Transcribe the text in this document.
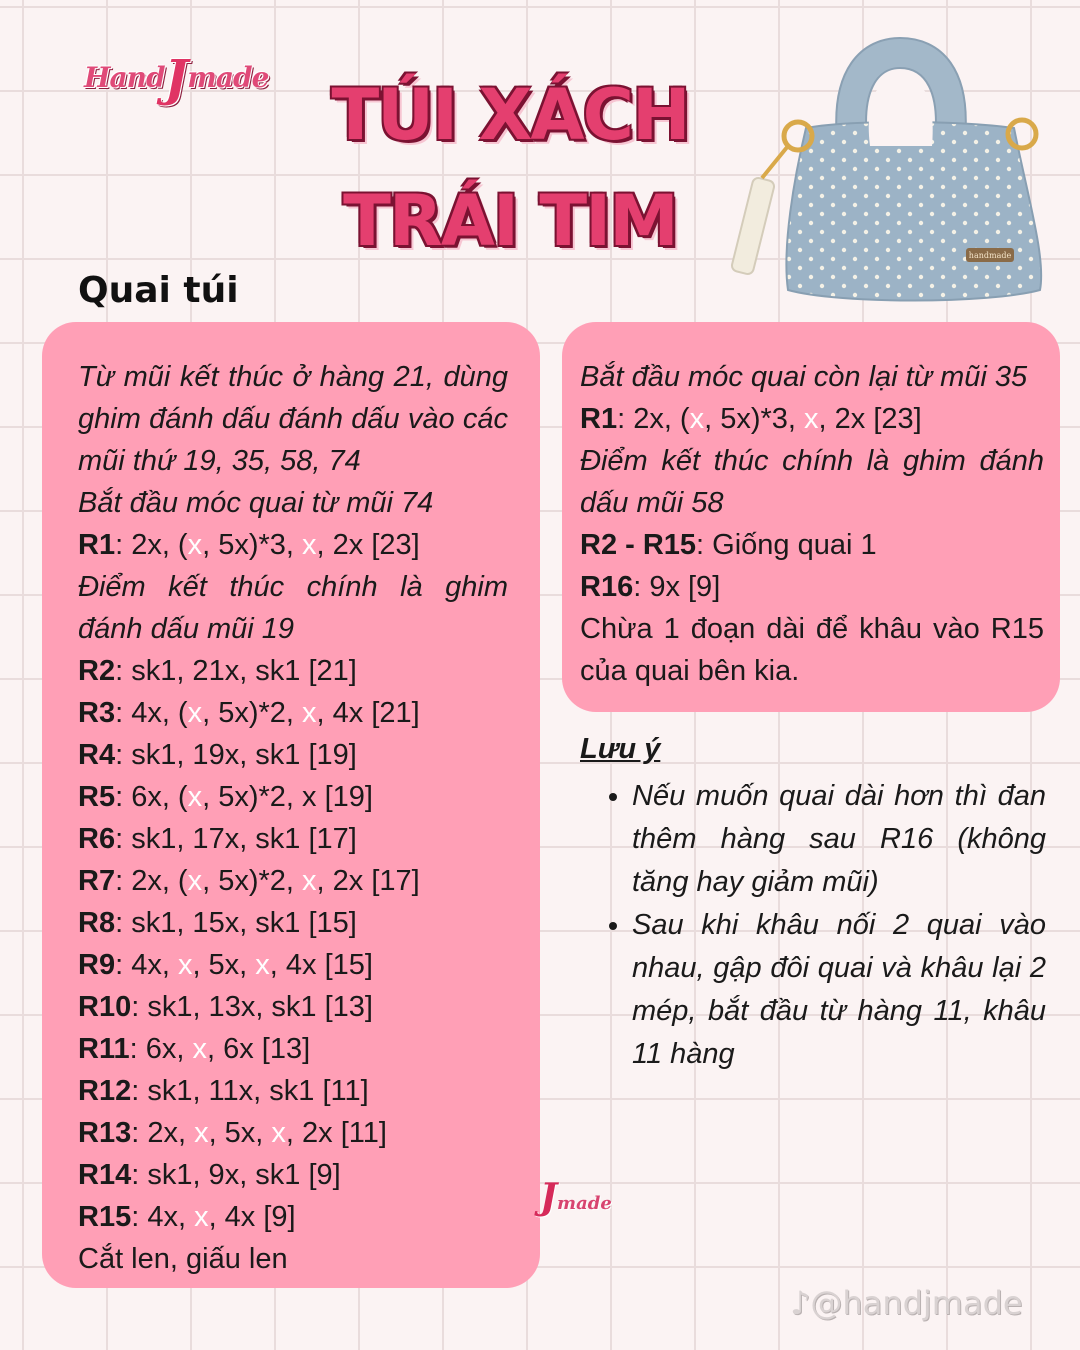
HandJmade TÚI XÁCH
TRÁI TIM	handmade
Quai túi
Từ mũi kết thúc ở hàng 21, dùng ghim đánh dấu đánh dấu vào các mũi thứ 19, 35, 58, 74
Bắt đầu móc quai từ mũi 74
R1: 2x, (x, 5x)*3, x, 2x [23]
Điểm kết thúc chính là ghim đánh dấu mũi 19
R2: sk1, 21x, sk1 [21]
R3: 4x, (x, 5x)*2, x, 4x [21]
R4: sk1, 19x, sk1 [19]
R5: 6x, (x, 5x)*2, x [19]
R6: sk1, 17x, sk1 [17]
R7: 2x, (x, 5x)*2, x, 2x [17]
R8: sk1, 15x, sk1 [15]
R9: 4x, x, 5x, x, 4x [15]
R10: sk1, 13x, sk1 [13]
R11: 6x, x, 6x [13]
R12: sk1, 11x, sk1 [11]
R13: 2x, x, 5x, x, 2x [11]
R14: sk1, 9x, sk1 [9]
R15: 4x, x, 4x [9]
Cắt len, giấu len
Bắt đầu móc quai còn lại từ mũi 35
R1: 2x, (x, 5x)*3, x, 2x [23]
Điểm kết thúc chính là ghim đánh dấu mũi 58
R2 - R15: Giống quai 1
R16: 9x [9]
Chừa 1 đoạn dài để khâu vào R15 của quai bên kia.
Lưu ý
• Nếu muốn quai dài hơn thì đan thêm hàng sau R16 (không tăng hay giảm mũi)
• Sau khi khâu nối 2 quai vào nhau, gập đôi quai và khâu lại 2 mép, bắt đầu từ hàng 11, khâu 11 hàng
Jmade
♪@handjmade
